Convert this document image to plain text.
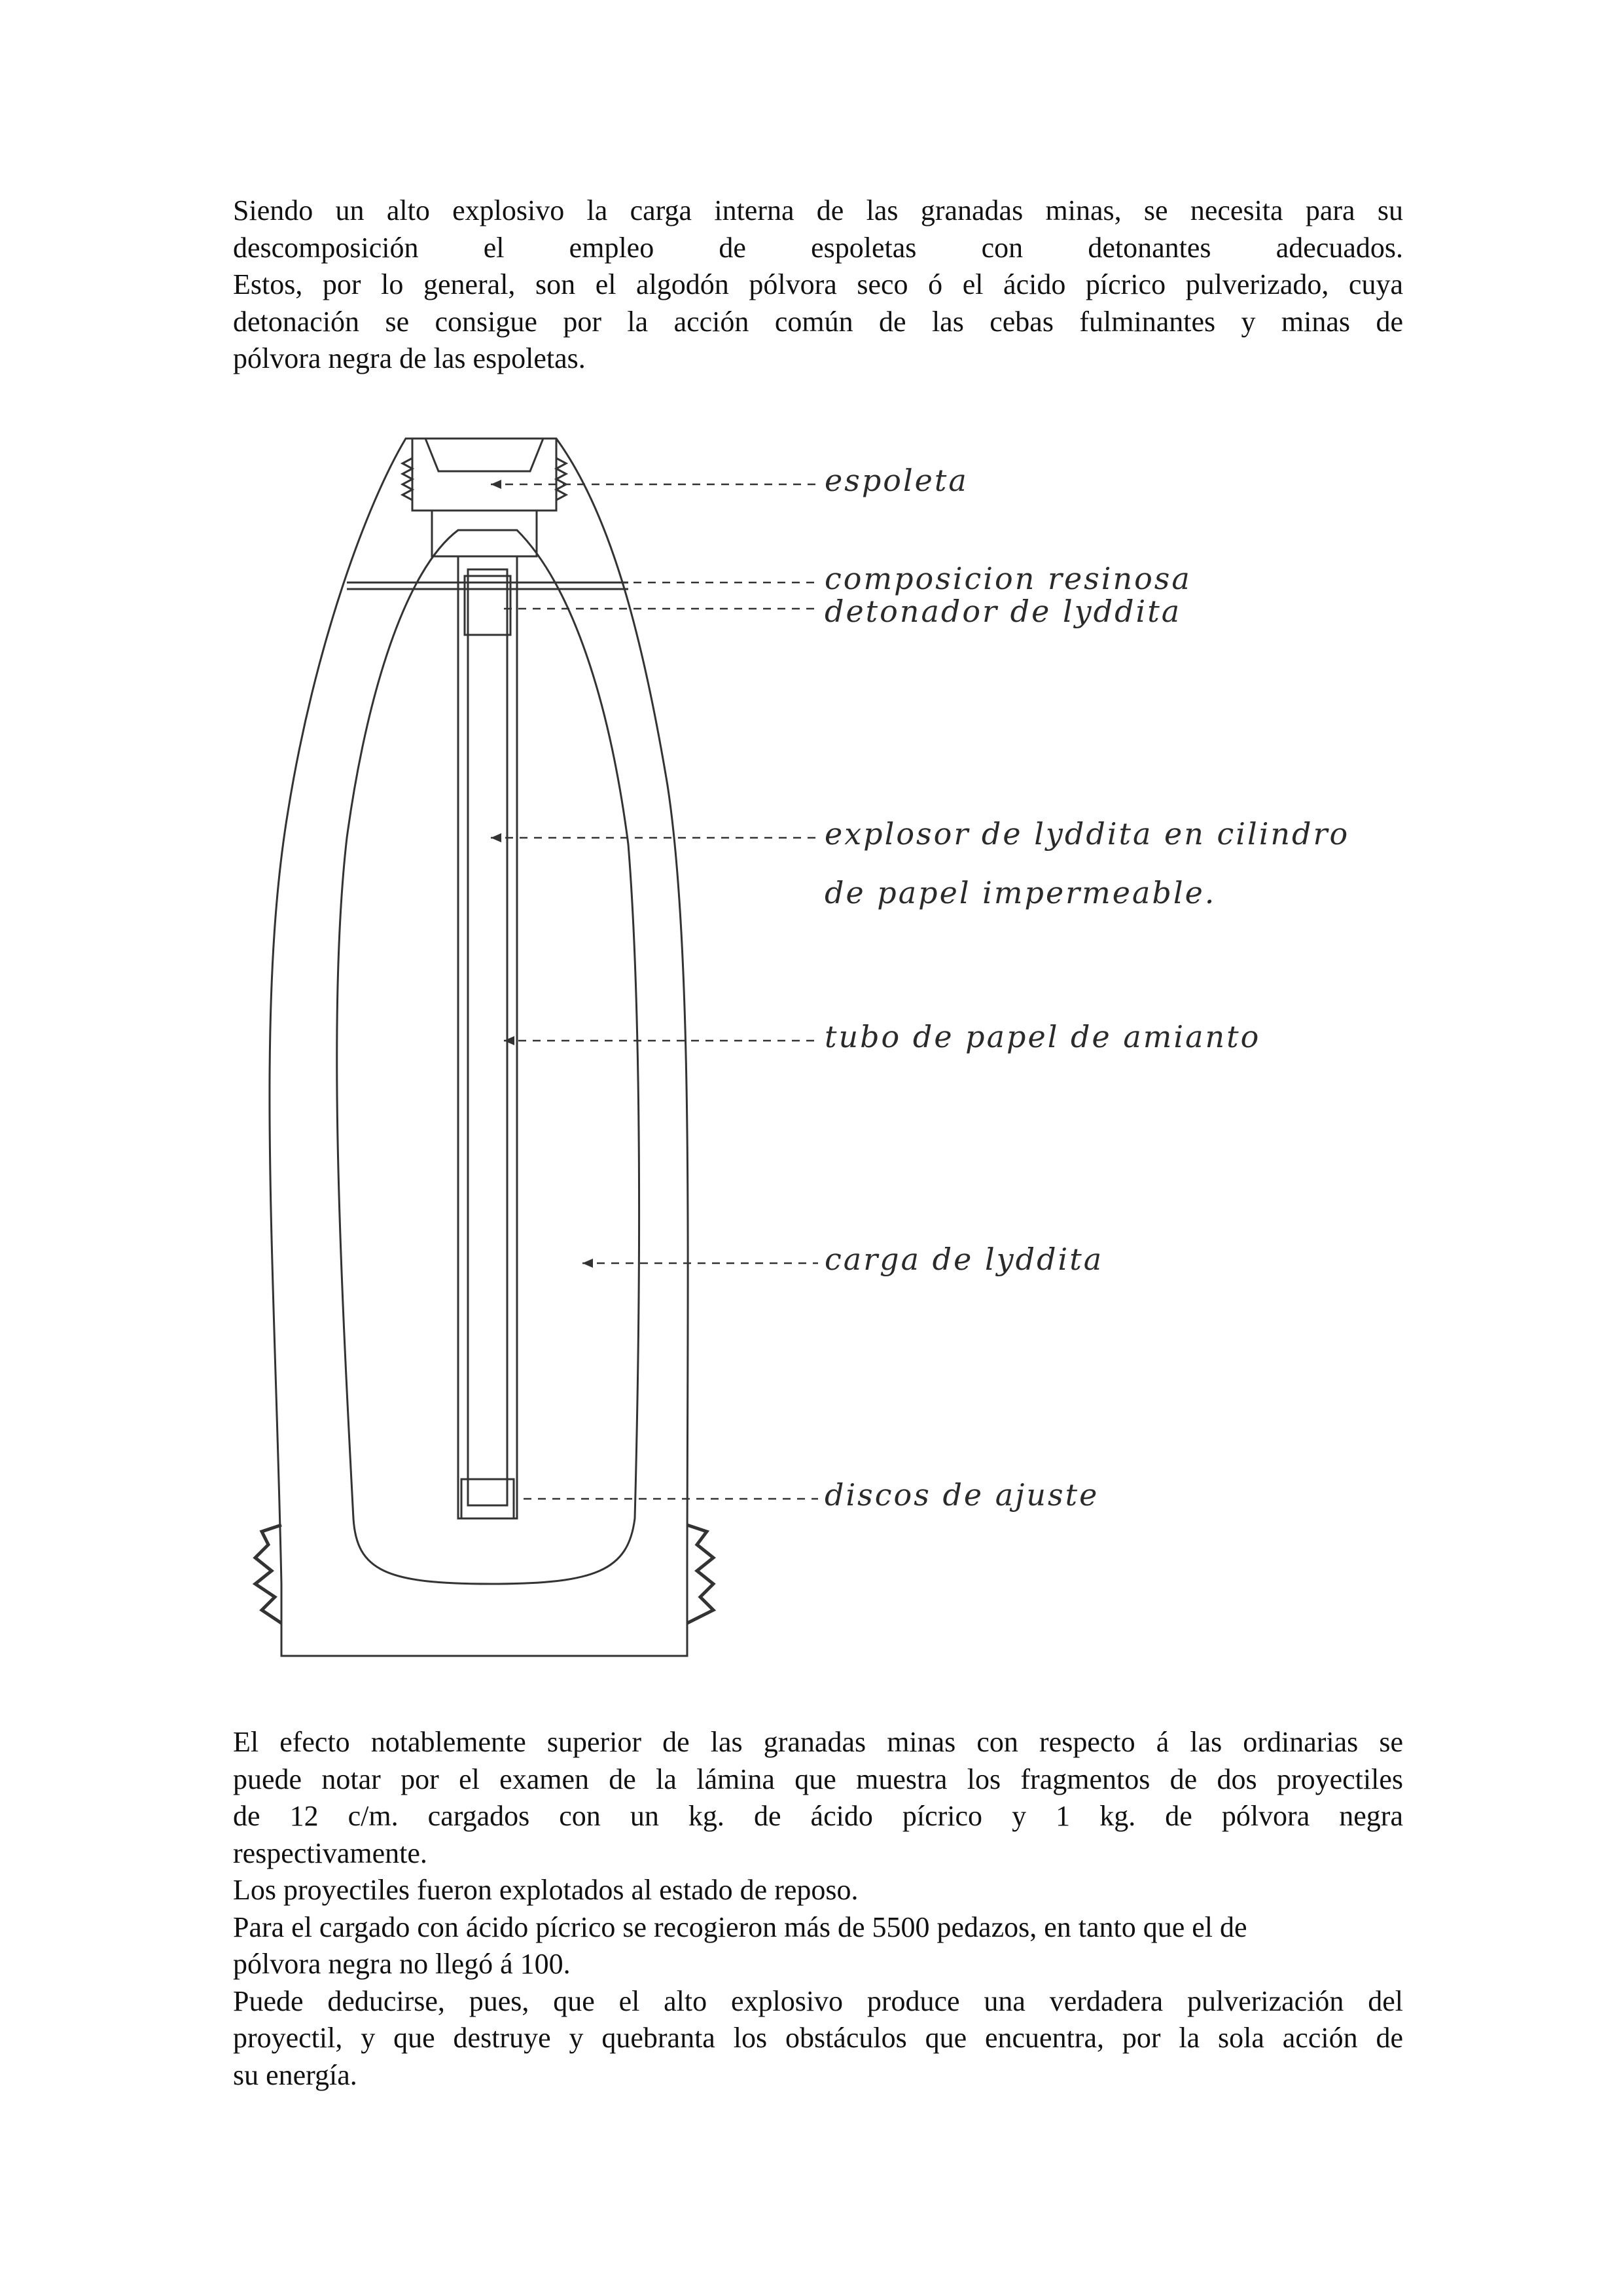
Siendo un alto explosivo la carga interna de las granadas minas, se necesita para su
descomposición el empleo de espoletas con detonantes adecuados.
Estos, por lo general, son el algodón pólvora seco ó el ácido pícrico pulverizado, cuya
detonación se consigue por la acción común de las cebas fulminantes y minas de
pólvora negra de las espoletas.
espoleta
composicion resinosa
detonador de lyddita
explosor de lyddita en cilindro
de papel impermeable.
tubo de papel de amianto
carga de lyddita
discos de ajuste
El efecto notablemente superior de las granadas minas con respecto á las ordinarias se
puede notar por el examen de la lámina que muestra los fragmentos de dos proyectiles
de 12 c/m. cargados con un kg. de ácido pícrico y 1 kg. de pólvora negra
respectivamente.
Los proyectiles fueron explotados al estado de reposo.
Para el cargado con ácido pícrico se recogieron más de 5500 pedazos, en tanto que el de
pólvora negra no llegó á 100.
Puede deducirse, pues, que el alto explosivo produce una verdadera pulverización del
proyectil, y que destruye y quebranta los obstáculos que encuentra, por la sola acción de
su energía.
